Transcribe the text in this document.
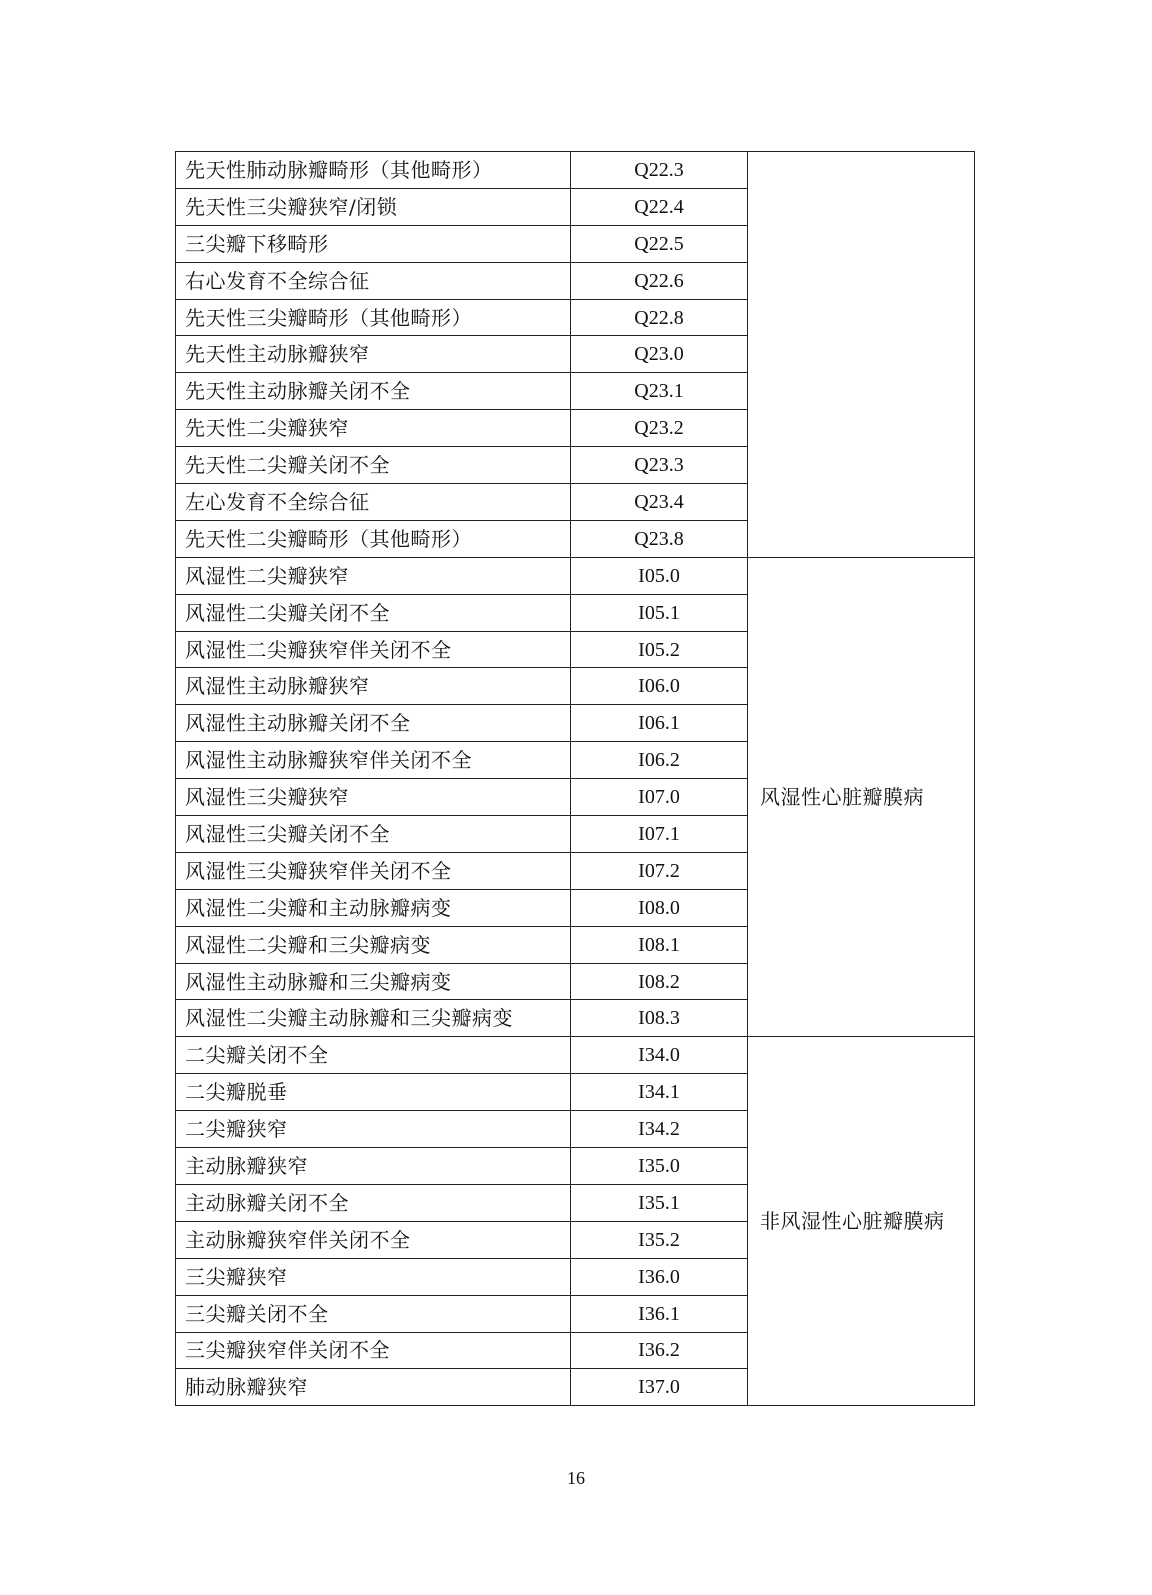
先天性肺动脉瓣畸形（其他畸形）	Q22.3	
先天性三尖瓣狭窄/闭锁	Q22.4	
三尖瓣下移畸形	Q22.5	
右心发育不全综合征	Q22.6	
先天性三尖瓣畸形（其他畸形）	Q22.8	
先天性主动脉瓣狭窄	Q23.0	
先天性主动脉瓣关闭不全	Q23.1	
先天性二尖瓣狭窄	Q23.2	
先天性二尖瓣关闭不全	Q23.3	
左心发育不全综合征	Q23.4	
先天性二尖瓣畸形（其他畸形）	Q23.8	
风湿性二尖瓣狭窄	I05.0	风湿性心脏瓣膜病
风湿性二尖瓣关闭不全	I05.1	
风湿性二尖瓣狭窄伴关闭不全	I05.2	
风湿性主动脉瓣狭窄	I06.0	
风湿性主动脉瓣关闭不全	I06.1	
风湿性主动脉瓣狭窄伴关闭不全	I06.2	
风湿性三尖瓣狭窄	I07.0	
风湿性三尖瓣关闭不全	I07.1	
风湿性三尖瓣狭窄伴关闭不全	I07.2	
风湿性二尖瓣和主动脉瓣病变	I08.0	
风湿性二尖瓣和三尖瓣病变	I08.1	
风湿性主动脉瓣和三尖瓣病变	I08.2	
风湿性二尖瓣主动脉瓣和三尖瓣病变	I08.3	
二尖瓣关闭不全	I34.0	非风湿性心脏瓣膜病
二尖瓣脱垂	I34.1	
二尖瓣狭窄	I34.2	
主动脉瓣狭窄	I35.0	
主动脉瓣关闭不全	I35.1	
主动脉瓣狭窄伴关闭不全	I35.2	
三尖瓣狭窄	I36.0	
三尖瓣关闭不全	I36.1	
三尖瓣狭窄伴关闭不全	I36.2	
肺动脉瓣狭窄	I37.0	
16
